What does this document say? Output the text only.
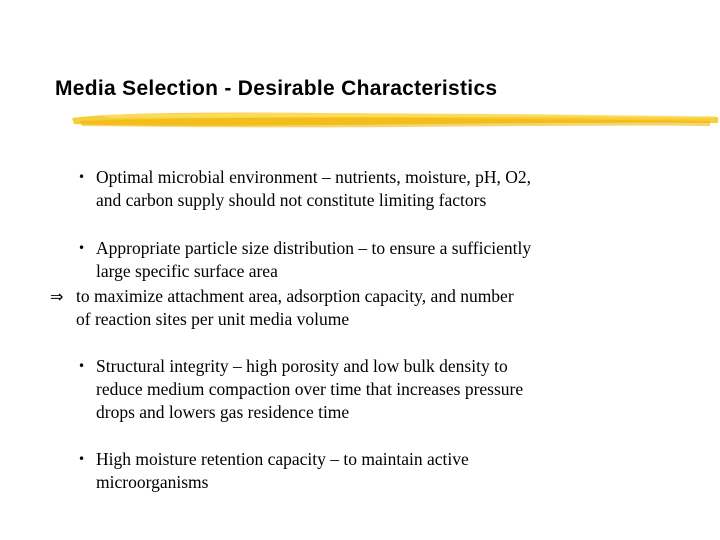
Media Selection - Desirable Characteristics
• Optimal microbial environment – nutrients, moisture, pH, O2,
and carbon supply should not constitute limiting factors
• Appropriate particle size distribution – to ensure a sufficiently
large specific surface area
⇒ to maximize attachment area, adsorption capacity, and number
of reaction sites per unit media volume
• Structural integrity – high porosity and low bulk density to
reduce medium compaction over time that increases pressure
drops and lowers gas residence time
• High moisture retention capacity – to maintain active
microorganisms
